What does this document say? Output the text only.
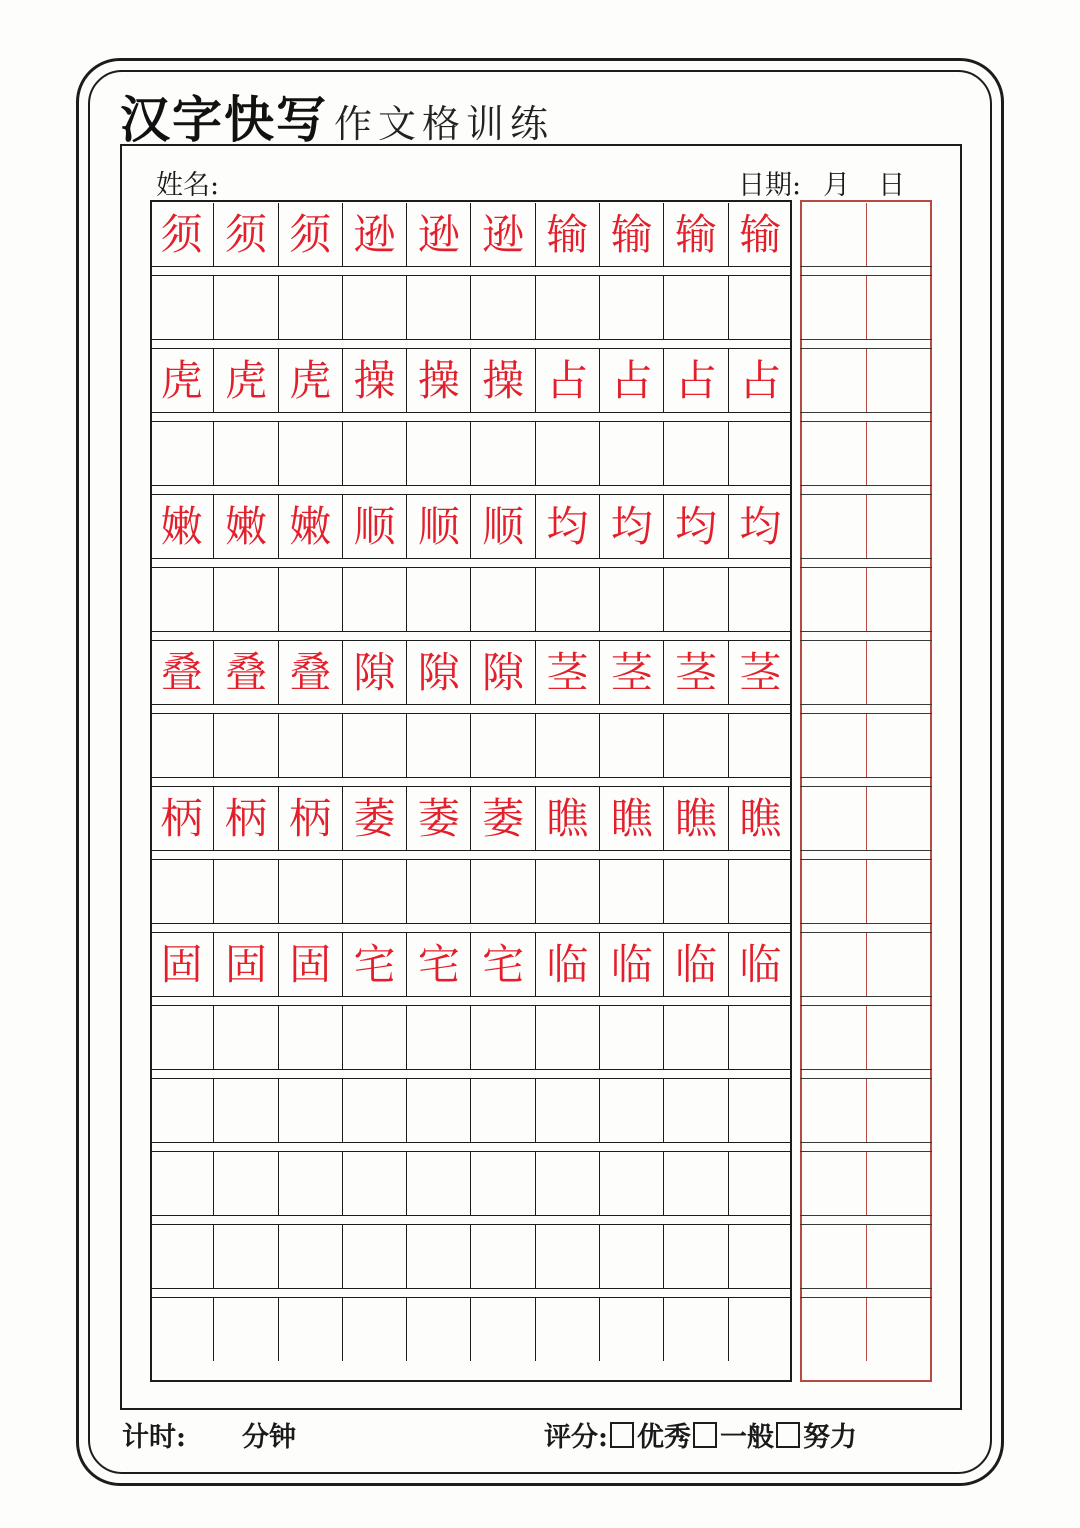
汉字快写 作文格训练
姓名:	日期: 月 日
须 须 须 逊 逊 逊 输 输 输 输
虎 虎 虎 操 操 操 占 占 占 占
嫩 嫩 嫩 顺 顺 顺 均 均 均 均
叠 叠 叠 隙 隙 隙 茎 茎 茎 茎
柄 柄 柄 萎 萎 萎 瞧 瞧 瞧 瞧
固 固 固 宅 宅 宅 临 临 临 临
计时: 分钟	评分: 优秀 一般 努力
